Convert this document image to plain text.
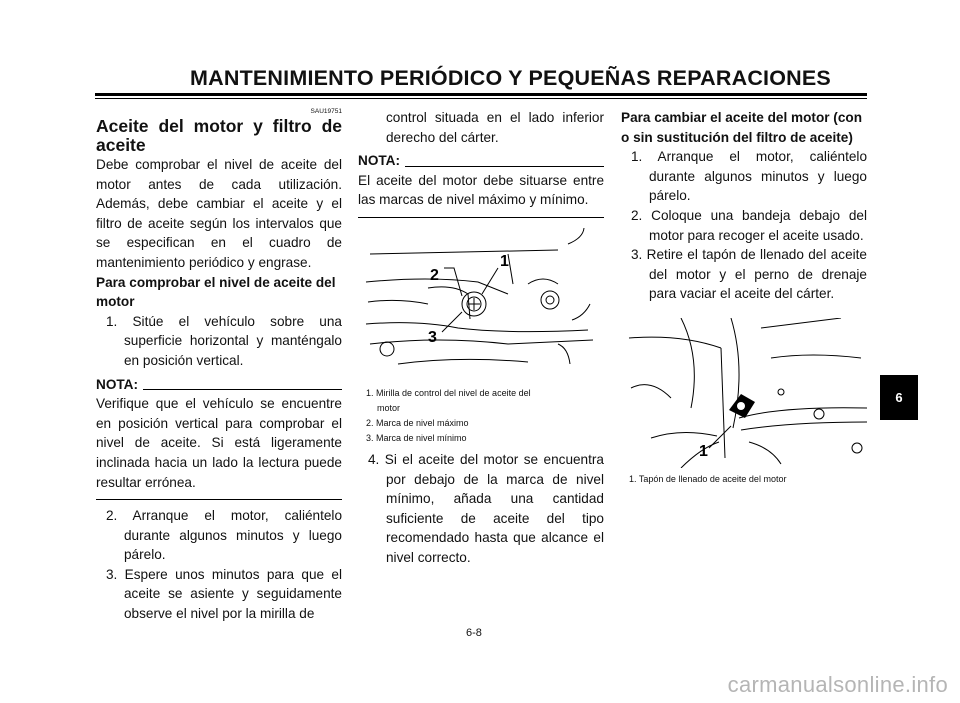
MANTENIMIENTO PERIÓDICO Y PEQUEÑAS REPARACIONES
SAU19751
Aceite del motor y filtro de aceite

Debe comprobar el nivel de aceite del motor antes de cada utilización. Además, debe cambiar el aceite y el filtro de aceite según los intervalos que se especifican en el cuadro de mantenimiento periódico y engrase.

Para comprobar el nivel de aceite del motor

1. Sitúe el vehículo sobre una superficie horizontal y manténgalo en posición vertical.

NOTA:

Verifique que el vehículo se encuentre en posición vertical para comprobar el nivel de aceite. Si está ligeramente inclinada hacia un lado la lectura puede resultar errónea.

2. Arranque el motor, caliéntelo durante algunos minutos y luego párelo.

3. Espere unos minutos para que el aceite se asiente y seguidamente observe el nivel por la mirilla de

control situada en el lado inferior derecho del cárter.

NOTA:

El aceite del motor debe situarse entre las marcas de nivel máximo y mínimo.

1
2
3
1. Mirilla de control del nivel de aceite del
motor
2. Marca de nivel máximo
3. Marca de nivel mínimo

4. Si el aceite del motor se encuentra por debajo de la marca de nivel mínimo, añada una cantidad suficiente de aceite del tipo recomendado hasta que alcance el nivel correcto.

Para cambiar el aceite del motor (con o sin sustitución del filtro de aceite)

1. Arranque el motor, caliéntelo durante algunos minutos y luego párelo.

2. Coloque una bandeja debajo del motor para recoger el aceite usado.

3. Retire el tapón de llenado del aceite del motor y el perno de drenaje para vaciar el aceite del cárter.

1
1. Tapón de llenado de aceite del motor
6
6-8
carmanualsonline.info
